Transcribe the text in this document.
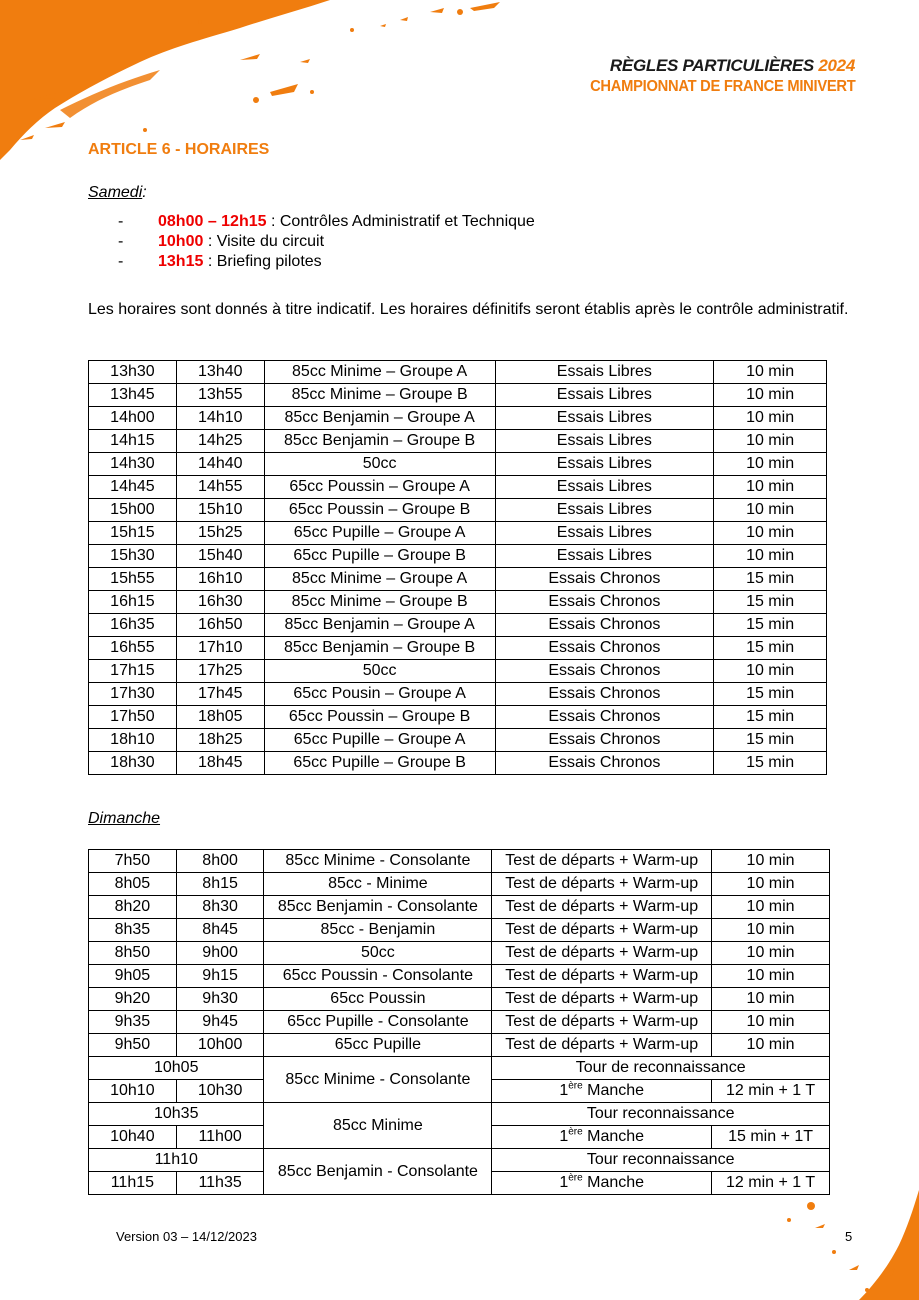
RÈGLES PARTICULIÈRES 2024
CHAMPIONNAT DE FRANCE MINIVERT
ARTICLE 6 - HORAIRES
Samedi:
- 08h00 – 12h15 : Contrôles Administratif et Technique
- 10h00 : Visite du circuit
- 13h15 : Briefing pilotes
Les horaires sont donnés à titre indicatif. Les horaires définitifs seront établis après le contrôle administratif.
13h30	13h40	85cc Minime – Groupe A	Essais Libres	10 min
13h45	13h55	85cc Minime – Groupe B	Essais Libres	10 min
14h00	14h10	85cc Benjamin – Groupe A	Essais Libres	10 min
14h15	14h25	85cc Benjamin – Groupe B	Essais Libres	10 min
14h30	14h40	50cc	Essais Libres	10 min
14h45	14h55	65cc Poussin – Groupe A	Essais Libres	10 min
15h00	15h10	65cc Poussin – Groupe B	Essais Libres	10 min
15h15	15h25	65cc Pupille – Groupe A	Essais Libres	10 min
15h30	15h40	65cc Pupille – Groupe B	Essais Libres	10 min
15h55	16h10	85cc Minime – Groupe A	Essais Chronos	15 min
16h15	16h30	85cc Minime – Groupe B	Essais Chronos	15 min
16h35	16h50	85cc Benjamin – Groupe A	Essais Chronos	15 min
16h55	17h10	85cc Benjamin – Groupe B	Essais Chronos	15 min
17h15	17h25	50cc	Essais Chronos	10 min
17h30	17h45	65cc Pousin – Groupe A	Essais Chronos	15 min
17h50	18h05	65cc Poussin – Groupe B	Essais Chronos	15 min
18h10	18h25	65cc Pupille – Groupe A	Essais Chronos	15 min
18h30	18h45	65cc Pupille – Groupe B	Essais Chronos	15 min
Dimanche
7h50	8h00	85cc Minime - Consolante	Test de départs + Warm-up	10 min
8h05	8h15	85cc - Minime	Test de départs + Warm-up	10 min
8h20	8h30	85cc Benjamin - Consolante	Test de départs + Warm-up	10 min
8h35	8h45	85cc - Benjamin	Test de départs + Warm-up	10 min
8h50	9h00	50cc	Test de départs + Warm-up	10 min
9h05	9h15	65cc Poussin - Consolante	Test de départs + Warm-up	10 min
9h20	9h30	65cc Poussin	Test de départs + Warm-up	10 min
9h35	9h45	65cc Pupille - Consolante	Test de départs + Warm-up	10 min
9h50	10h00	65cc Pupille	Test de départs + Warm-up	10 min
10h05		85cc Minime - Consolante	Tour de reconnaissance	
10h10	10h30		1ère Manche	12 min + 1 T
10h35		85cc Minime	Tour reconnaissance	
10h40	11h00		1ère Manche	15 min + 1T
11h10		85cc Benjamin - Consolante	Tour reconnaissance	
11h15	11h35		1ère Manche	12 min + 1 T
Version 03 – 14/12/2023	5
